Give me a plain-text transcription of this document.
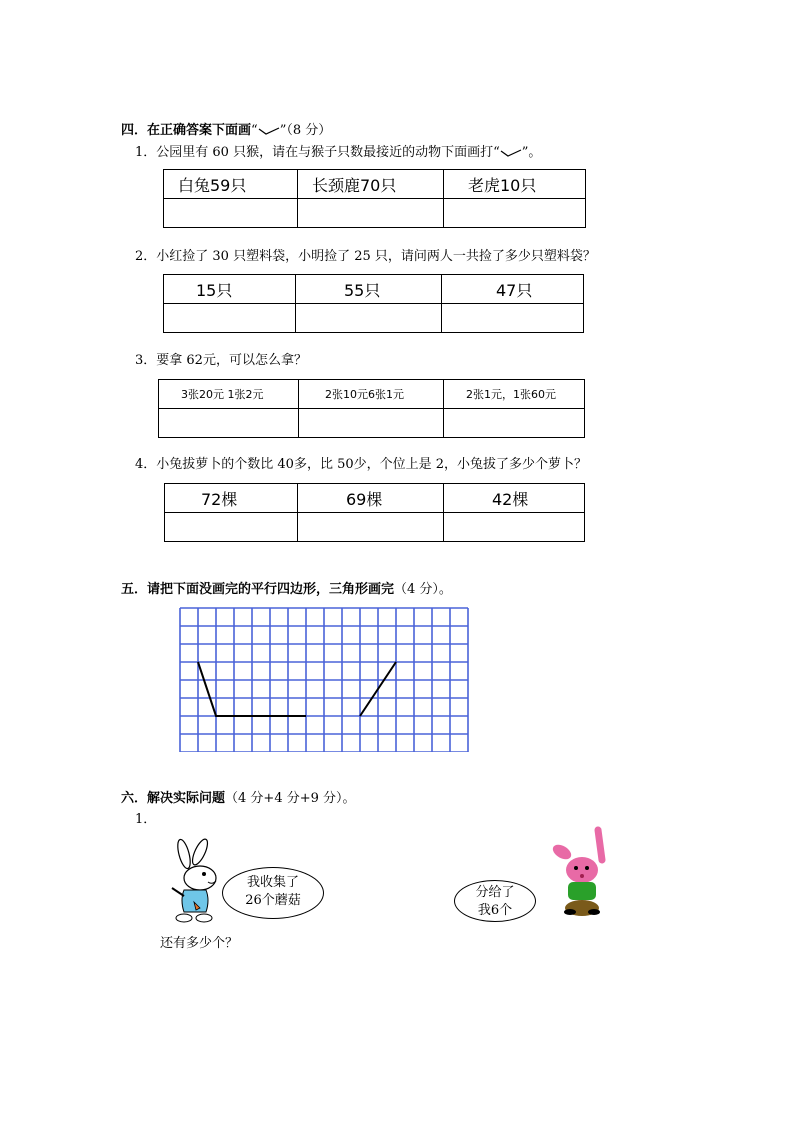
四．在正确答案下面画“ ”（8 分）
1．公园里有 60 只猴，请在与猴子只数最接近的动物下面画打“ ”。
白兔59只	长颈鹿70只	老虎10只

2．小红捡了 30 只塑料袋，小明捡了 25 只，请问两人一共捡了多少只塑料袋？
15只	55只	47只

3．要拿 62元，可以怎么拿？
3张20元 1张2元	2张10元6张1元	2张1元，1张60元

4．小兔拔萝卜的个数比 40多，比 50少，个位上是 2，小兔拔了多少个萝卜？
72棵	69棵	42棵

五．请把下面没画完的平行四边形，三角形画完（4 分）。
六．解决实际问题（4 分+4 分+9 分）。
1．
我收集了
26个蘑菇
还有多少个？
分给了
我6个
